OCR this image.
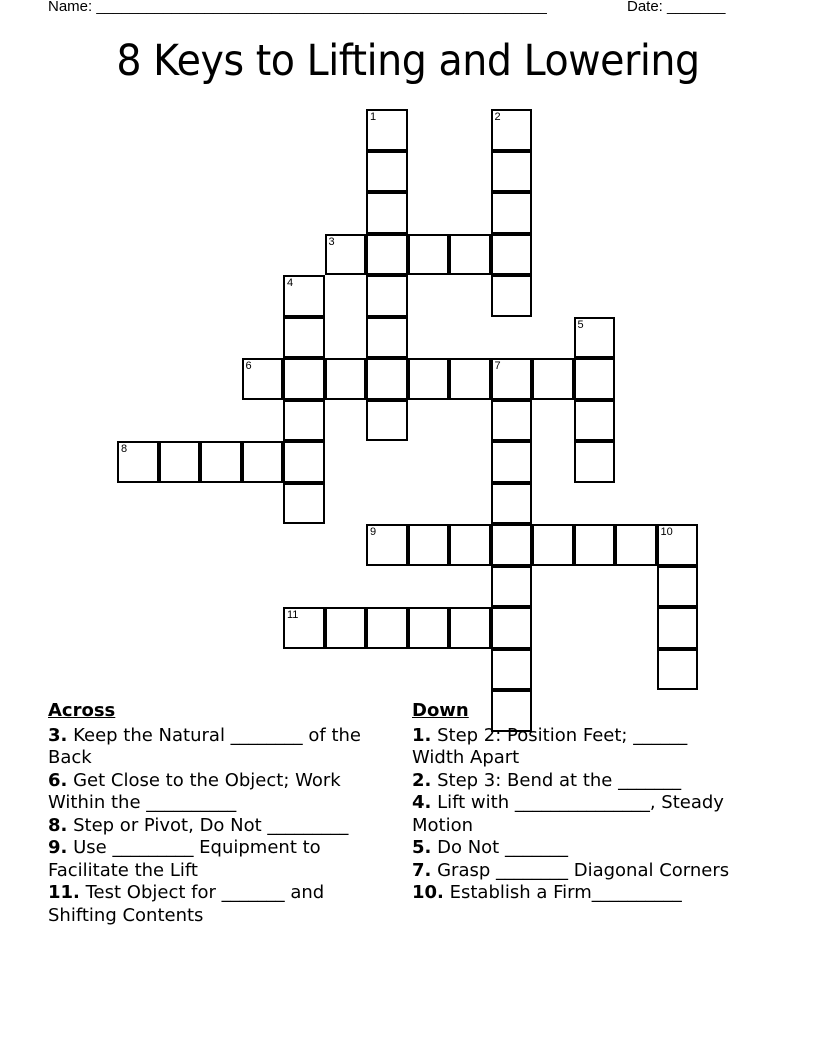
Name: ______________________________________________________	Date: _______
8 Keys to Lifting and Lowering
1	2
3
4
5
6	7
8
9	10
11
Across

3. Keep the Natural ________ of the Back

6. Get Close to the Object; Work Within the __________

8. Step or Pivot, Do Not _________

9. Use _________ Equipment to Facilitate the Lift

11. Test Object for _______ and Shifting Contents

Down

1. Step 2: Position Feet; ______ Width Apart

2. Step 3: Bend at the _______

4. Lift with _______________, Steady Motion

5. Do Not _______

7. Grasp ________ Diagonal Corners

10. Establish a Firm__________
